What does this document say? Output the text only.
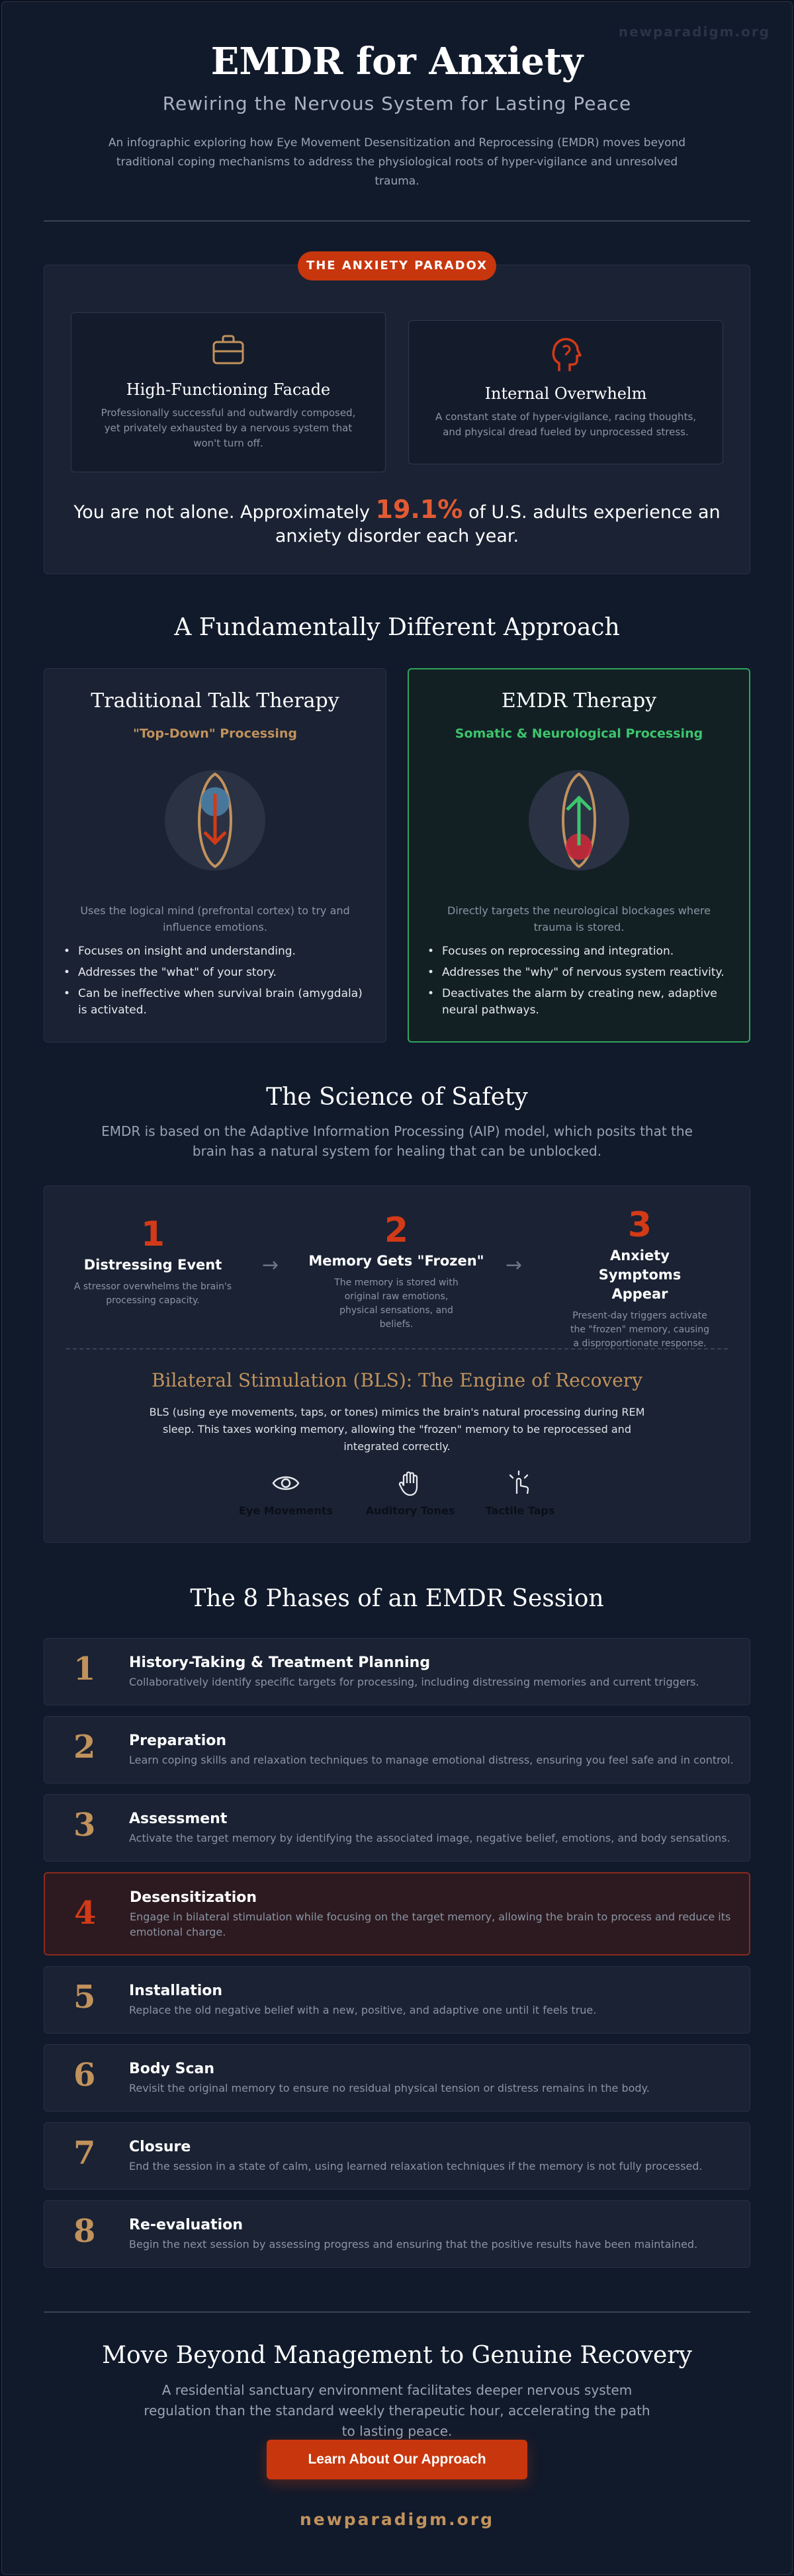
newparadigm.org
EMDR for Anxiety
Rewiring the Nervous System for Lasting Peace
An infographic exploring how Eye Movement Desensitization and Reprocessing (EMDR) moves beyond traditional coping mechanisms to address the physiological roots of hyper-vigilance and unresolved trauma.
THE ANXIETY PARADOX
High-Functioning Facade
Professionally successful and outwardly composed, yet privately exhausted by a nervous system that won't turn off.
Internal Overwhelm
A constant state of hyper-vigilance, racing thoughts, and physical dread fueled by unprocessed stress.
You are not alone. Approximately 19.1% of U.S. adults experience an anxiety disorder each year.
A Fundamentally Different Approach
Traditional Talk Therapy
"Top-Down" Processing
Uses the logical mind (prefrontal cortex) to try and influence emotions.
• Focuses on insight and understanding.
• Addresses the "what" of your story.
• Can be ineffective when survival brain (amygdala) is activated.
EMDR Therapy
Somatic & Neurological Processing
Directly targets the neurological blockages where trauma is stored.
• Focuses on reprocessing and integration.
• Addresses the "why" of nervous system reactivity.
• Deactivates the alarm by creating new, adaptive neural pathways.
The Science of Safety
EMDR is based on the Adaptive Information Processing (AIP) model, which posits that the brain has a natural system for healing that can be unblocked.
1
Distressing Event
A stressor overwhelms the brain's processing capacity.
→
2
Memory Gets "Frozen"
The memory is stored with original raw emotions, physical sensations, and beliefs.
→
3
Anxiety Symptoms Appear
Present-day triggers activate the "frozen" memory, causing a disproportionate response.
Bilateral Stimulation (BLS): The Engine of Recovery
BLS (using eye movements, taps, or tones) mimics the brain's natural processing during REM sleep. This taxes working memory, allowing the "frozen" memory to be reprocessed and integrated correctly.
Eye Movements	Auditory Tones	Tactile Taps
The 8 Phases of an EMDR Session
1 History-Taking & Treatment Planning
Collaboratively identify specific targets for processing, including distressing memories and current triggers.
2 Preparation
Learn coping skills and relaxation techniques to manage emotional distress, ensuring you feel safe and in control.
3 Assessment
Activate the target memory by identifying the associated image, negative belief, emotions, and body sensations.
4 Desensitization
Engage in bilateral stimulation while focusing on the target memory, allowing the brain to process and reduce its emotional charge.
5 Installation
Replace the old negative belief with a new, positive, and adaptive one until it feels true.
6 Body Scan
Revisit the original memory to ensure no residual physical tension or distress remains in the body.
7 Closure
End the session in a state of calm, using learned relaxation techniques if the memory is not fully processed.
8 Re-evaluation
Begin the next session by assessing progress and ensuring that the positive results have been maintained.
Move Beyond Management to Genuine Recovery
A residential sanctuary environment facilitates deeper nervous system regulation than the standard weekly therapeutic hour, accelerating the path to lasting peace.
Learn About Our Approach
newparadigm.org
